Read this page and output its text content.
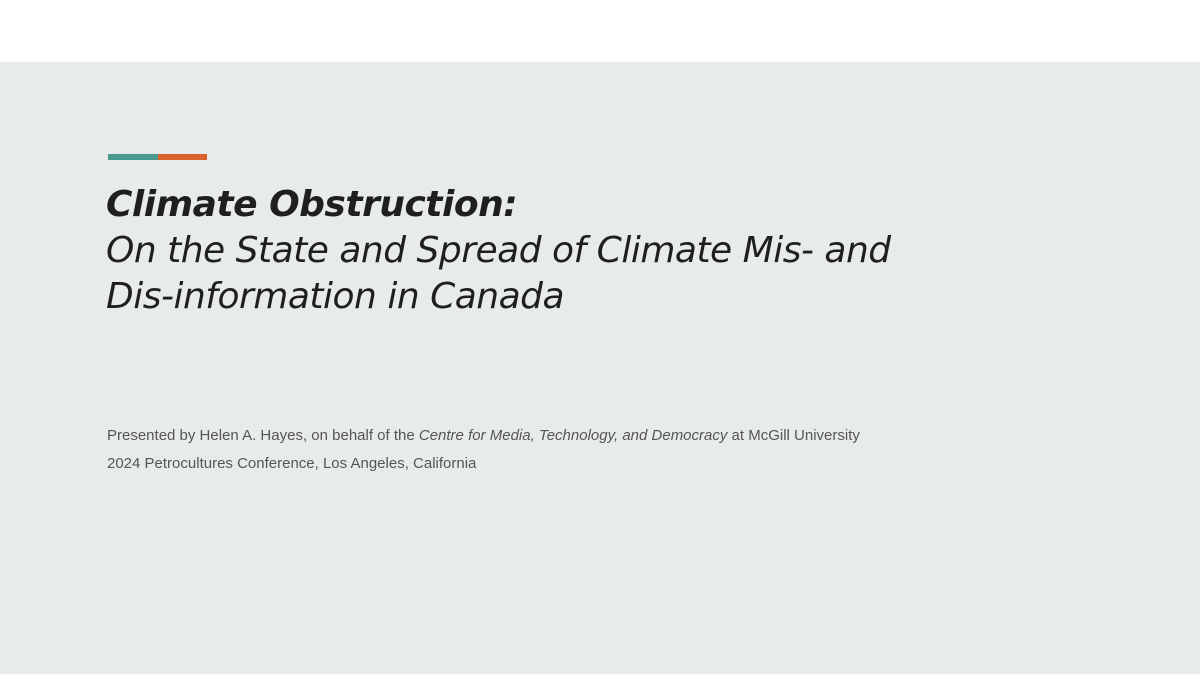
Climate Obstruction:
On the State and Spread of Climate Mis- and
Dis-information in Canada
Presented by Helen A. Hayes, on behalf of the Centre for Media, Technology, and Democracy at McGill University
2024 Petrocultures Conference, Los Angeles, California
